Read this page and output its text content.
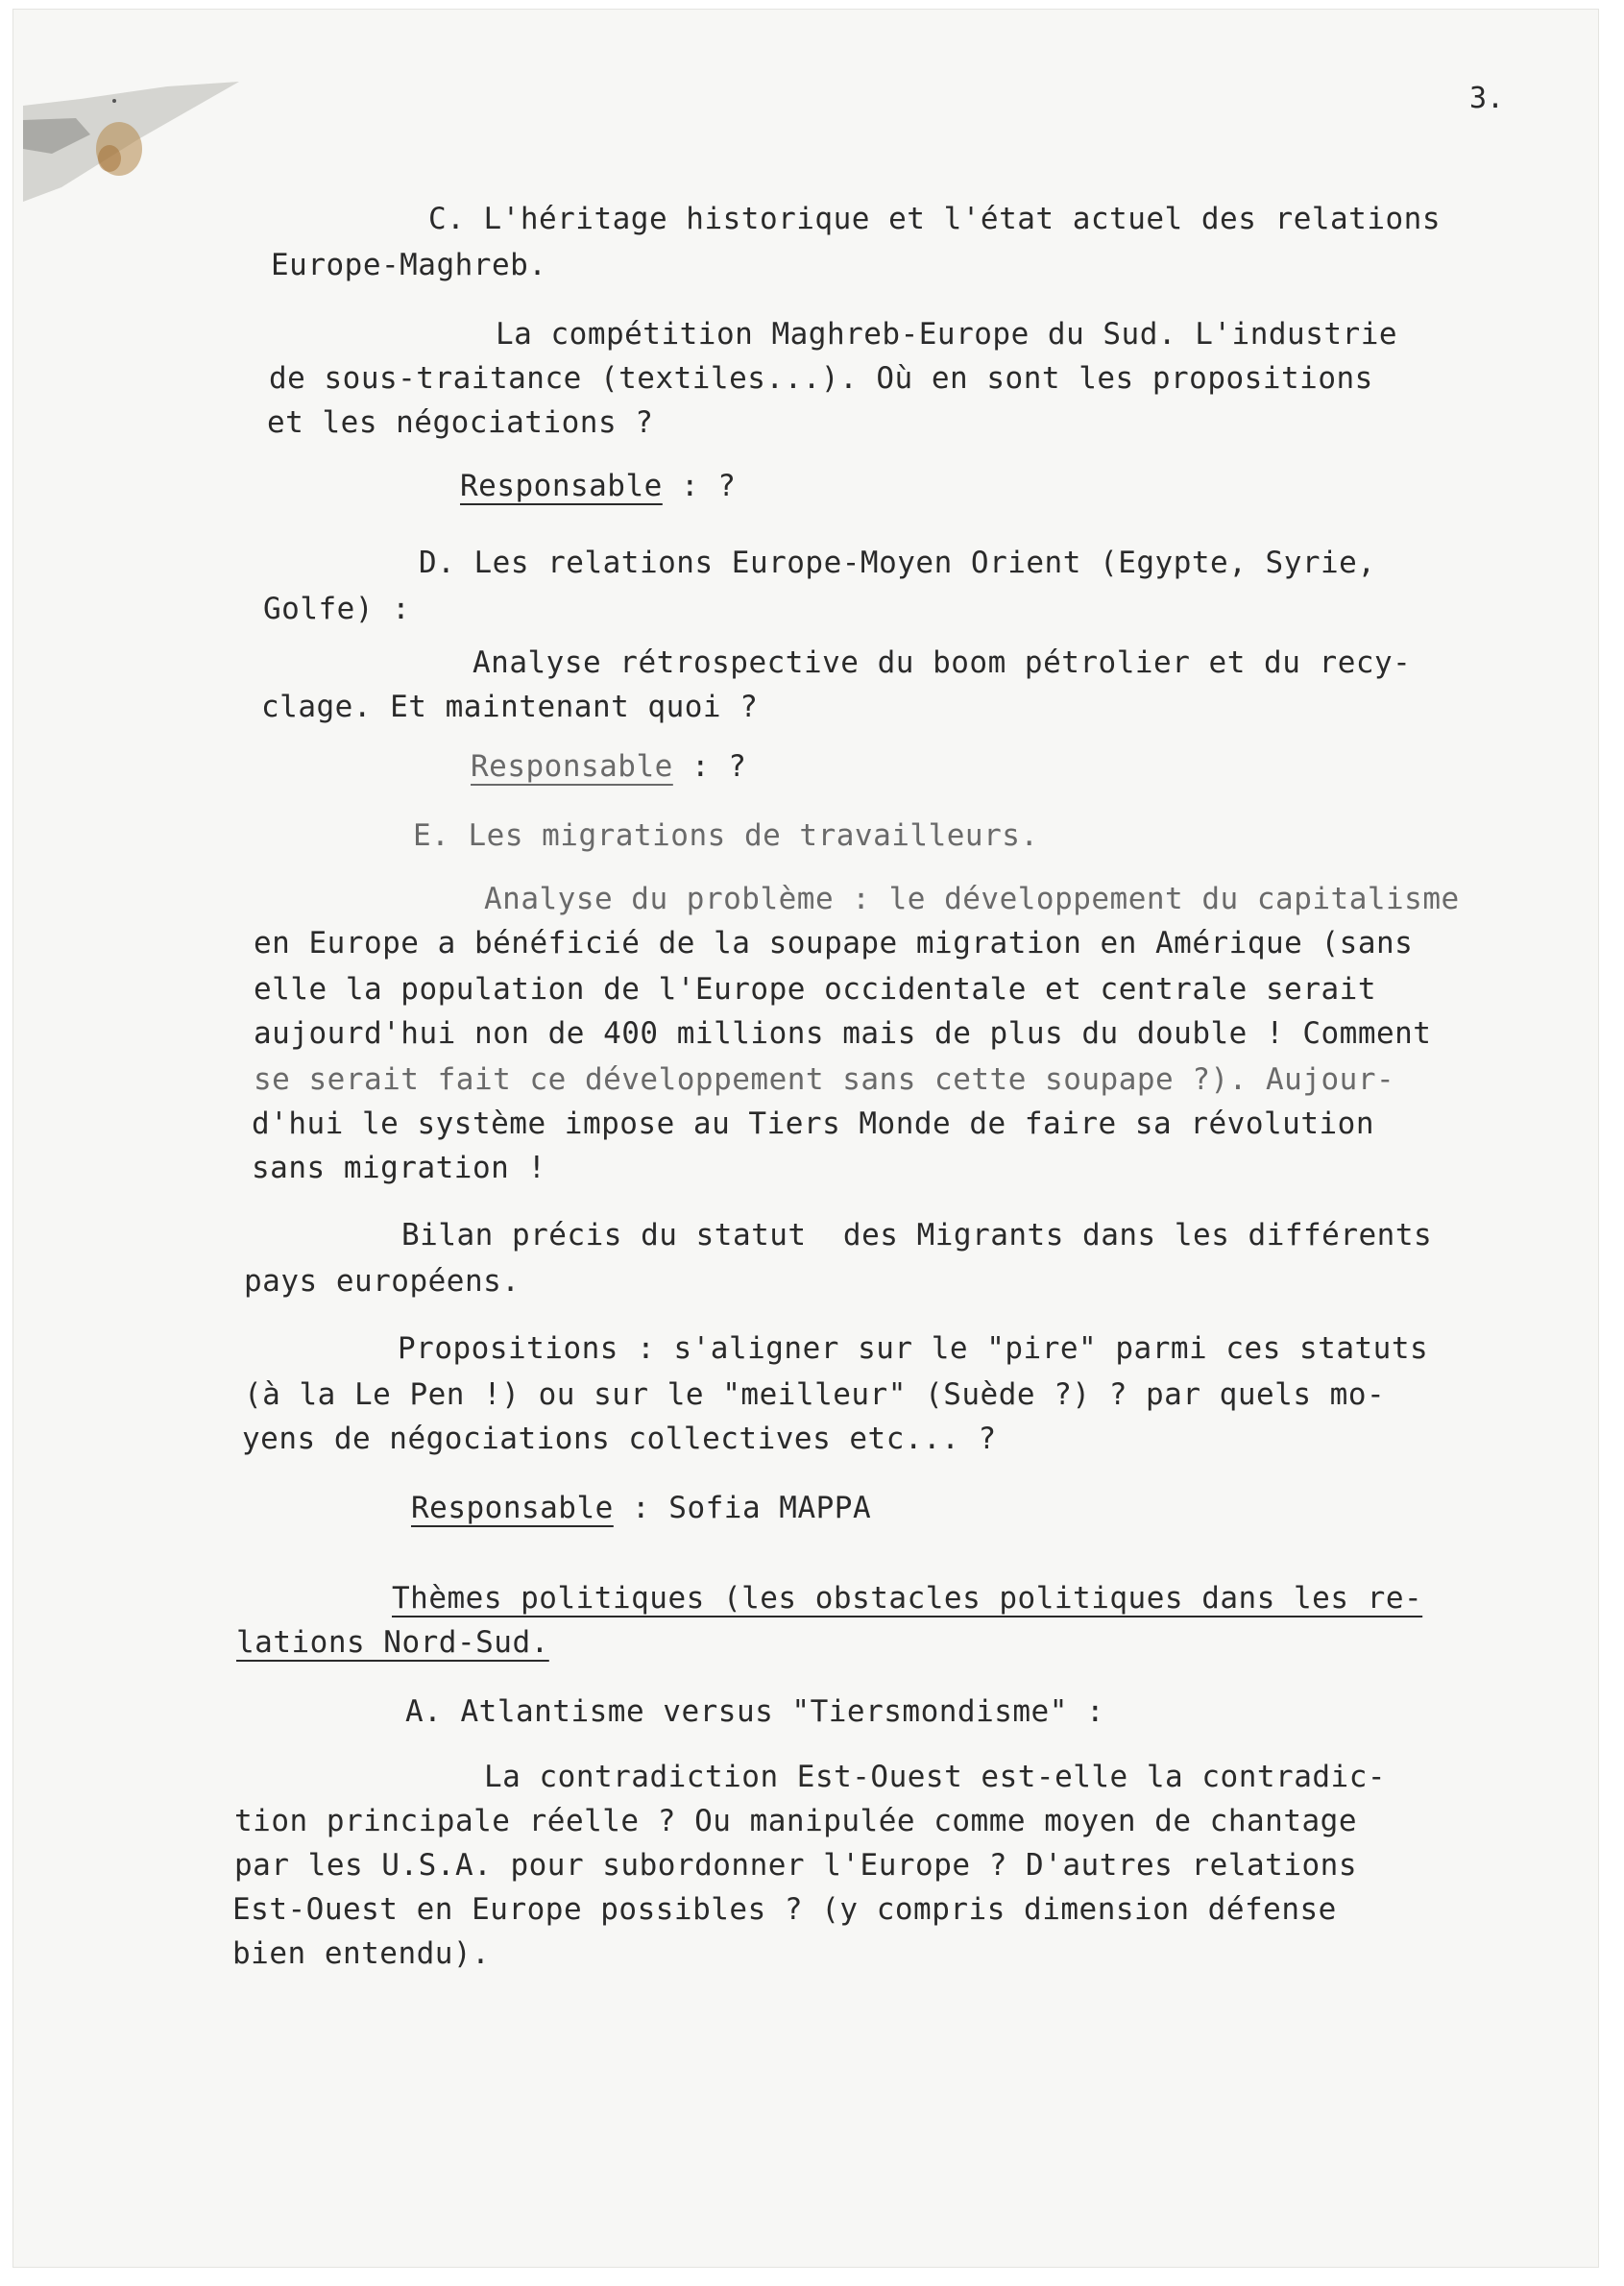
3.
C. L'héritage historique et l'état actuel des relations
Europe-Maghreb.
La compétition Maghreb-Europe du Sud. L'industrie
de sous-traitance (textiles...). Où en sont les propositions
et les négociations ?
Responsable : ?
D. Les relations Europe-Moyen Orient (Egypte, Syrie,
Golfe) :
Analyse rétrospective du boom pétrolier et du recy-
clage. Et maintenant quoi ?
Responsable : ?
E. Les migrations de travailleurs.
Analyse du problème : le développement du capitalisme
en Europe a bénéficié de la soupape migration en Amérique (sans
elle la population de l'Europe occidentale et centrale serait
aujourd'hui non de 400 millions mais de plus du double ! Comment
se serait fait ce développement sans cette soupape ?). Aujour-
d'hui le système impose au Tiers Monde de faire sa révolution
sans migration !
Bilan précis du statut  des Migrants dans les différents
pays européens.
Propositions : s'aligner sur le "pire" parmi ces statuts
(à la Le Pen !) ou sur le "meilleur" (Suède ?) ? par quels mo-
yens de négociations collectives etc... ?
Responsable : Sofia MAPPA
Thèmes politiques (les obstacles politiques dans les re-
lations Nord-Sud.
A. Atlantisme versus "Tiersmondisme" :
La contradiction Est-Ouest est-elle la contradic-
tion principale réelle ? Ou manipulée comme moyen de chantage
par les U.S.A. pour subordonner l'Europe ? D'autres relations
Est-Ouest en Europe possibles ? (y compris dimension défense
bien entendu).
